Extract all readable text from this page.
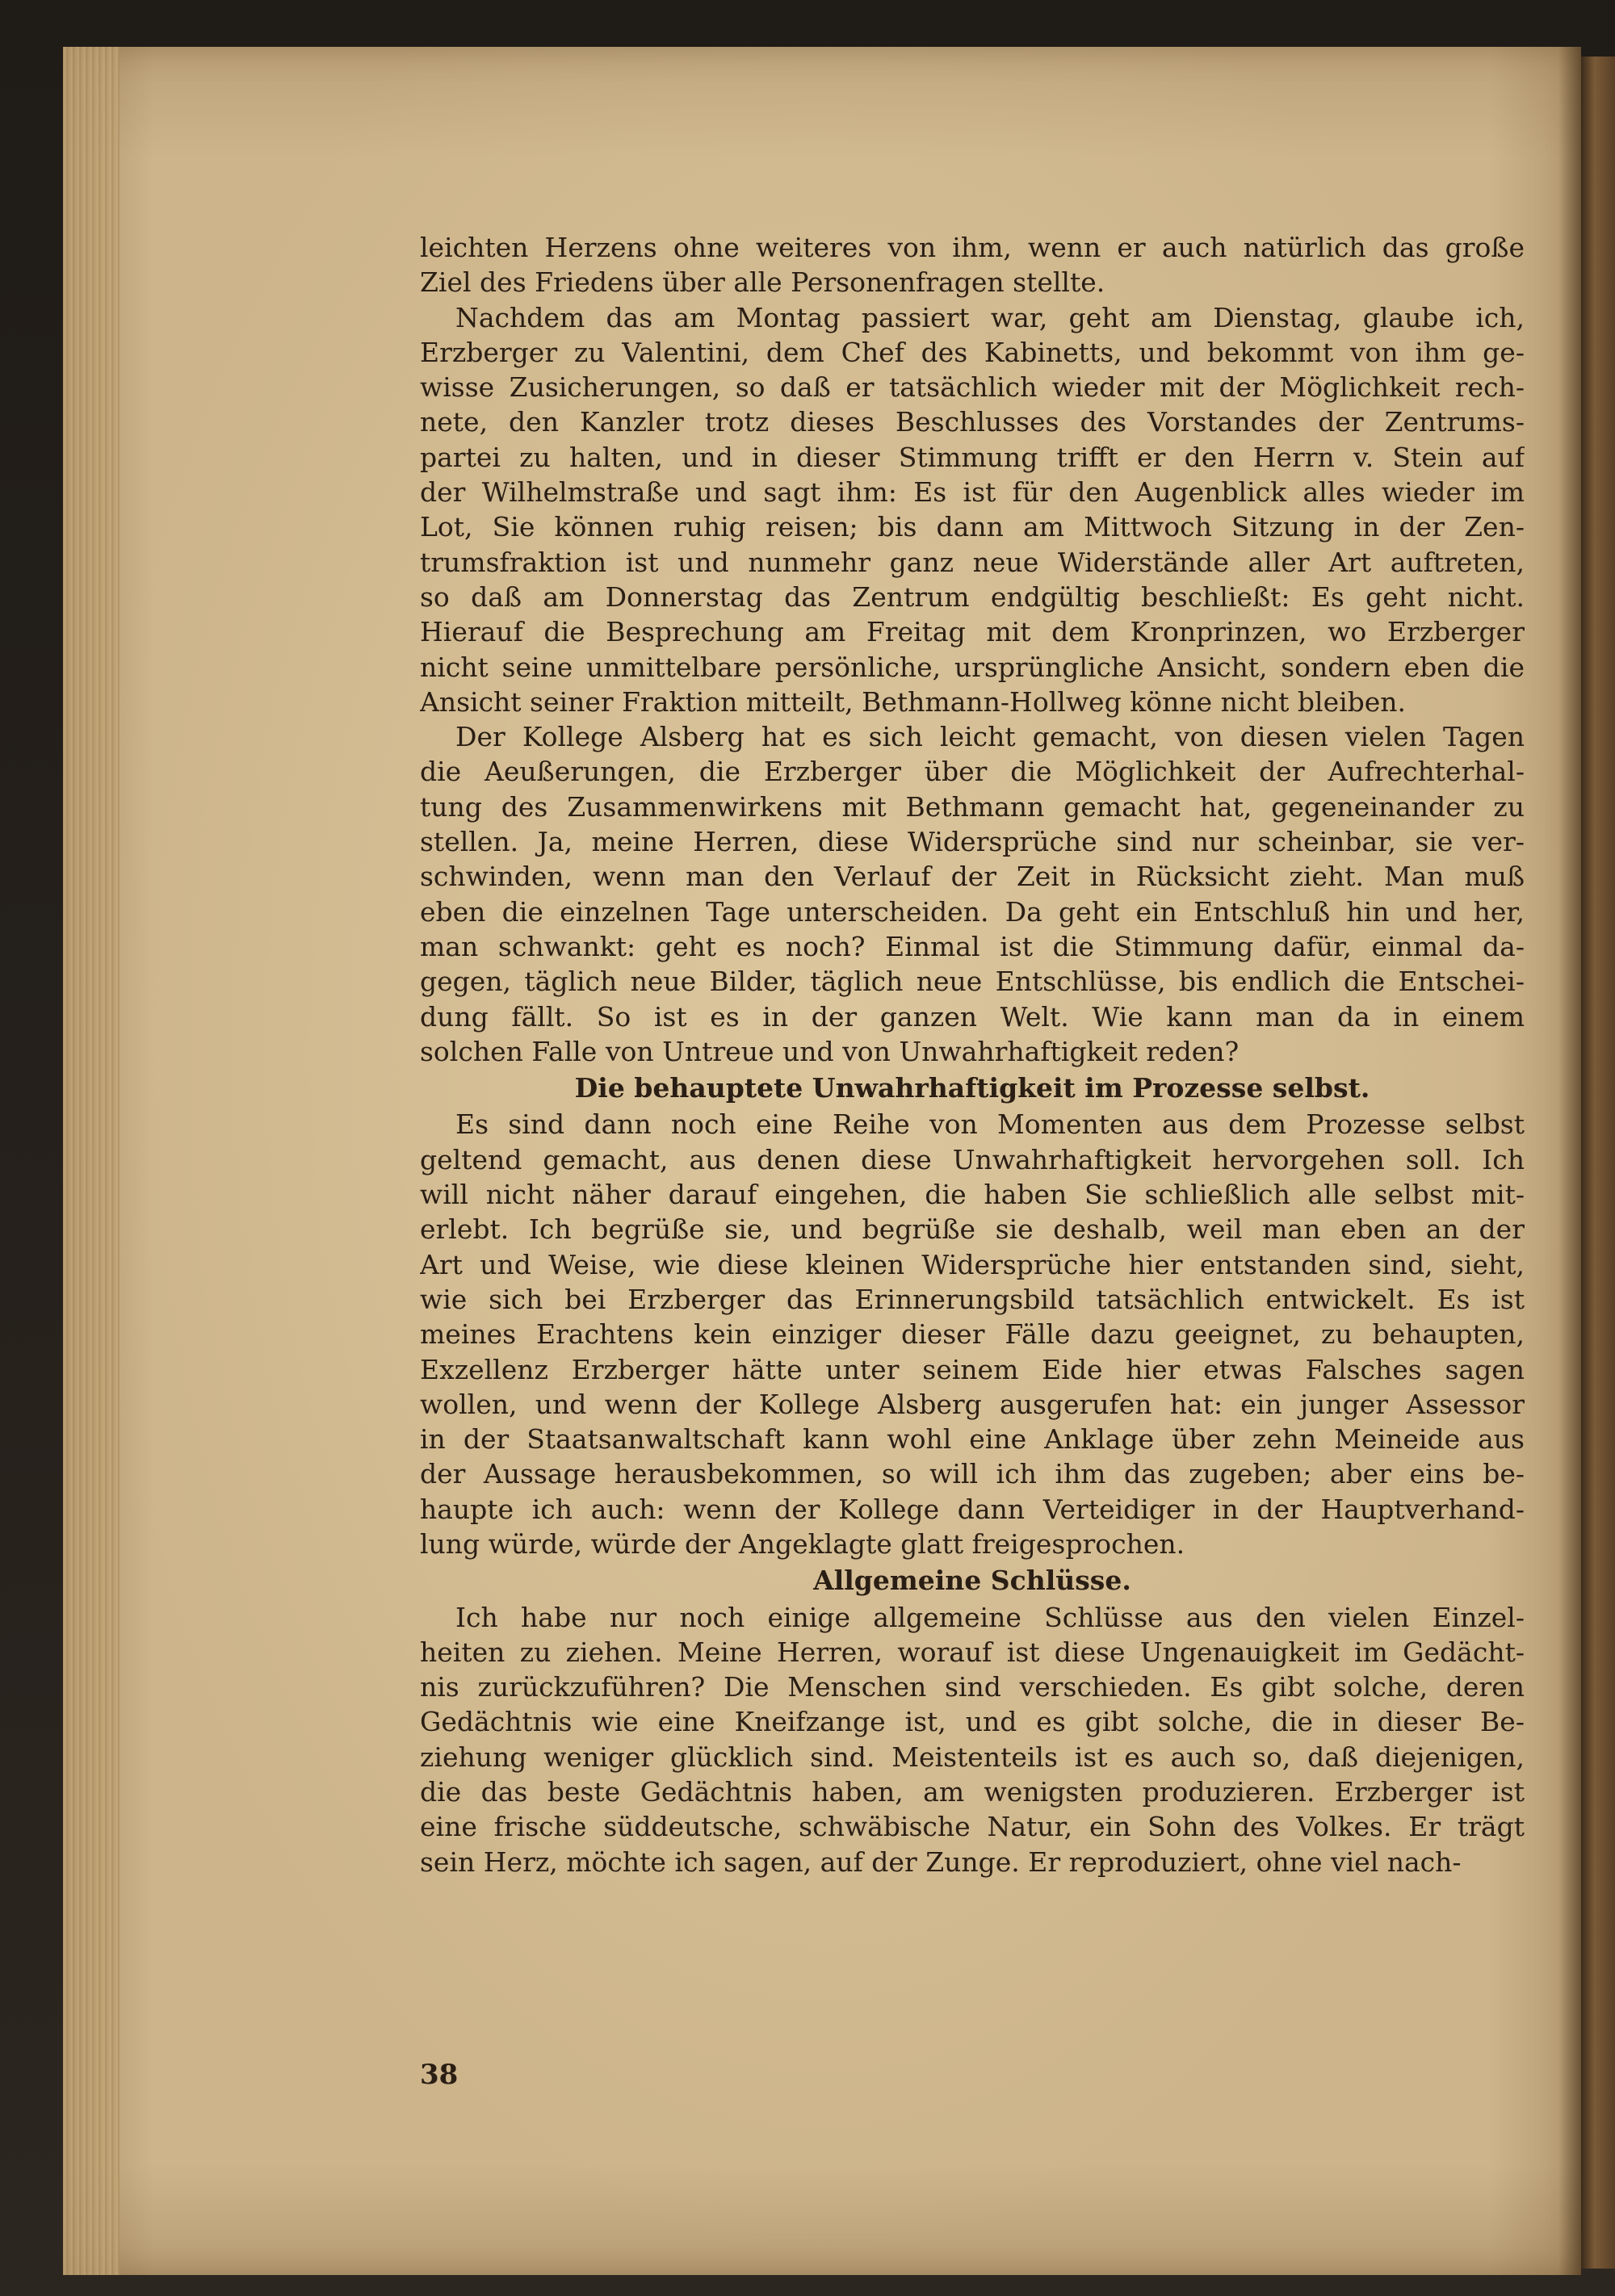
leichten Herzens ohne weiteres von ihm, wenn er auch natürlich das große
Ziel des Friedens über alle Personenfragen stellte.

Nachdem das am Montag passiert war, geht am Dienstag, glaube ich,
Erzberger zu Valentini, dem Chef des Kabinetts, und bekommt von ihm ge-
wisse Zusicherungen, so daß er tatsächlich wieder mit der Möglichkeit rech-
nete, den Kanzler trotz dieses Beschlusses des Vorstandes der Zentrums-
partei zu halten, und in dieser Stimmung trifft er den Herrn v. Stein auf
der Wilhelmstraße und sagt ihm: Es ist für den Augenblick alles wieder im
Lot, Sie können ruhig reisen; bis dann am Mittwoch Sitzung in der Zen-
trumsfraktion ist und nunmehr ganz neue Widerstände aller Art auftreten,
so daß am Donnerstag das Zentrum endgültig beschließt: Es geht nicht.
Hierauf die Besprechung am Freitag mit dem Kronprinzen, wo Erzberger
nicht seine unmittelbare persönliche, ursprüngliche Ansicht, sondern eben die
Ansicht seiner Fraktion mitteilt, Bethmann-Hollweg könne nicht bleiben.

Der Kollege Alsberg hat es sich leicht gemacht, von diesen vielen Tagen
die Aeußerungen, die Erzberger über die Möglichkeit der Aufrechterhal-
tung des Zusammenwirkens mit Bethmann gemacht hat, gegeneinander zu
stellen. Ja, meine Herren, diese Widersprüche sind nur scheinbar, sie ver-
schwinden, wenn man den Verlauf der Zeit in Rücksicht zieht. Man muß
eben die einzelnen Tage unterscheiden. Da geht ein Entschluß hin und her,
man schwankt: geht es noch? Einmal ist die Stimmung dafür, einmal da-
gegen, täglich neue Bilder, täglich neue Entschlüsse, bis endlich die Entschei-
dung fällt. So ist es in der ganzen Welt. Wie kann man da in einem
solchen Falle von Untreue und von Unwahrhaftigkeit reden?

Die behauptete Unwahrhaftigkeit im Prozesse selbst.

Es sind dann noch eine Reihe von Momenten aus dem Prozesse selbst
geltend gemacht, aus denen diese Unwahrhaftigkeit hervorgehen soll. Ich
will nicht näher darauf eingehen, die haben Sie schließlich alle selbst mit-
erlebt. Ich begrüße sie, und begrüße sie deshalb, weil man eben an der
Art und Weise, wie diese kleinen Widersprüche hier entstanden sind, sieht,
wie sich bei Erzberger das Erinnerungsbild tatsächlich entwickelt. Es ist
meines Erachtens kein einziger dieser Fälle dazu geeignet, zu behaupten,
Exzellenz Erzberger hätte unter seinem Eide hier etwas Falsches sagen
wollen, und wenn der Kollege Alsberg ausgerufen hat: ein junger Assessor
in der Staatsanwaltschaft kann wohl eine Anklage über zehn Meineide aus
der Aussage herausbekommen, so will ich ihm das zugeben; aber eins be-
haupte ich auch: wenn der Kollege dann Verteidiger in der Hauptverhand-
lung würde, würde der Angeklagte glatt freigesprochen.

Allgemeine Schlüsse.

Ich habe nur noch einige allgemeine Schlüsse aus den vielen Einzel-
heiten zu ziehen. Meine Herren, worauf ist diese Ungenauigkeit im Gedächt-
nis zurückzuführen? Die Menschen sind verschieden. Es gibt solche, deren
Gedächtnis wie eine Kneifzange ist, und es gibt solche, die in dieser Be-
ziehung weniger glücklich sind. Meistenteils ist es auch so, daß diejenigen,
die das beste Gedächtnis haben, am wenigsten produzieren. Erzberger ist
eine frische süddeutsche, schwäbische Natur, ein Sohn des Volkes. Er trägt
sein Herz, möchte ich sagen, auf der Zunge. Er reproduziert, ohne viel nach-

38
